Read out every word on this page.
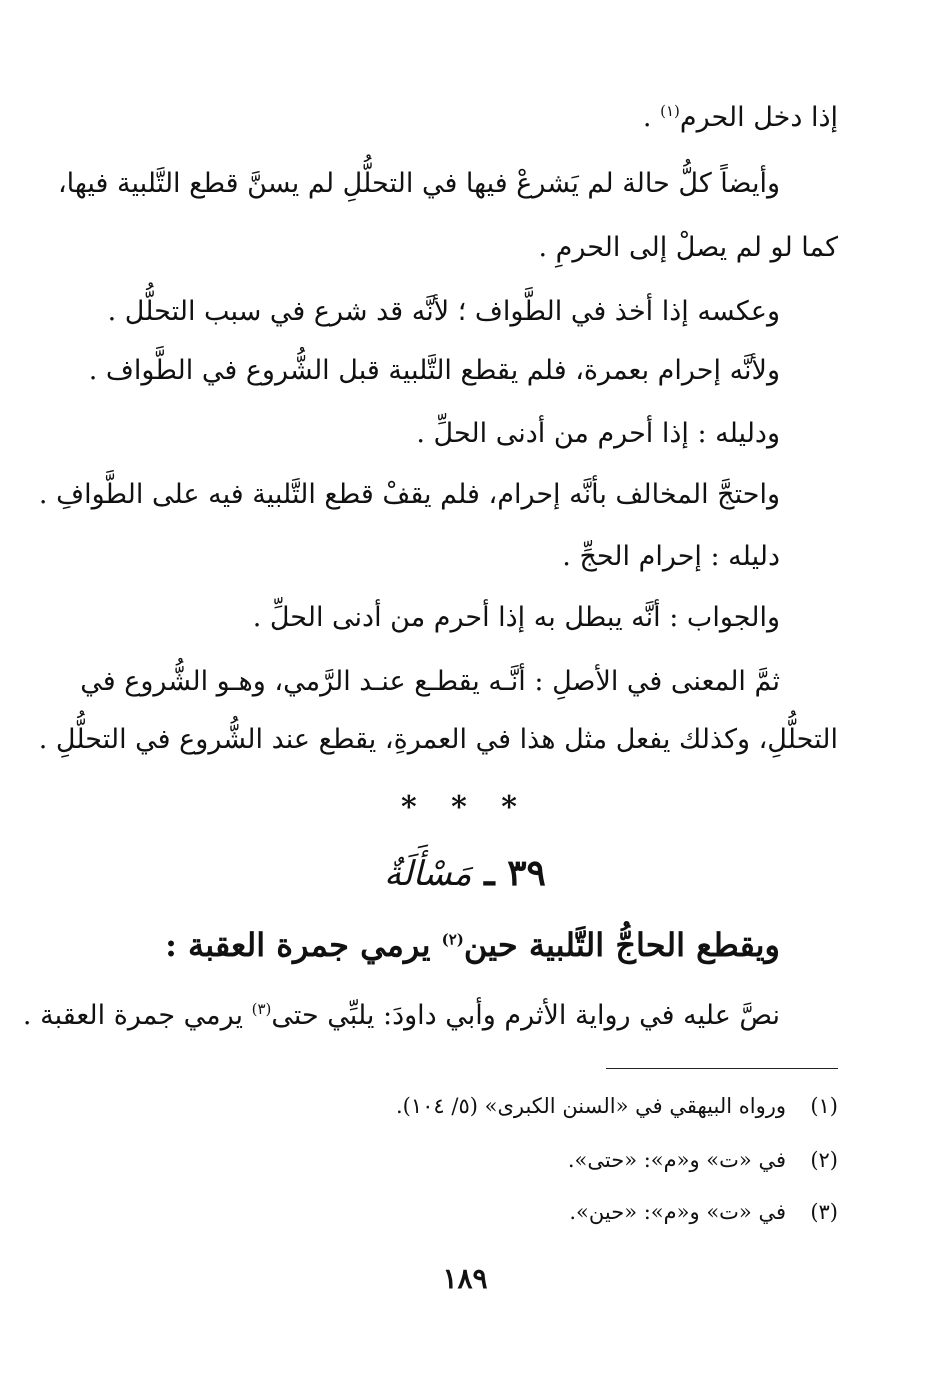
إذا دخل الحرم$^{(١)}$ .
وأيضاً كلُّ حالة لم يَشرعْ فيها في التحلُّلِ لم يسنَّ قطع التَّلبية فيها،
كما لو لم يصلْ إلى الحرمِ .
وعكسه إذا أخذ في الطَّواف ؛ لأنَّه قد شرع في سبب التحلُّل .
ولأنَّه إحرام بعمرة، فلم يقطع التَّلبية قبل الشُّروع في الطَّواف .
ودليله : إذا أحرم من أدنى الحلِّ .
واحتجَّ المخالف بأنَّه إحرام، فلم يقفْ قطع التَّلبية فيه على الطَّوافِ .
دليله : إحرام الحجِّ .
والجواب : أنَّه يبطل به إذا أحرم من أدنى الحلِّ .
ثمَّ المعنى في الأصلِ : أنَّـه يقطـع عنـد الرَّمي، وهـو الشُّروع في
التحلُّلِ، وكذلك يفعل مثل هذا في العمرةِ، يقطع عند الشُّروع في التحلُّلِ .
* * *
٣٩ ـ مَسْأَلَةٌ
ويقطع الحاجُّ التَّلبية حين$^{(٢)}$ يرمي جمرة العقبة :
نصَّ عليه في رواية الأثرم وأبي داودَ: يلبِّي حتى$^{(٣)}$ يرمي جمرة العقبة .
(١)ورواه البيهقي في «السنن الكبرى» (٥/ ١٠٤).
(٢)في «ت» و«م»: «حتى».
(٣)في «ت» و«م»: «حين».
١٨٩
